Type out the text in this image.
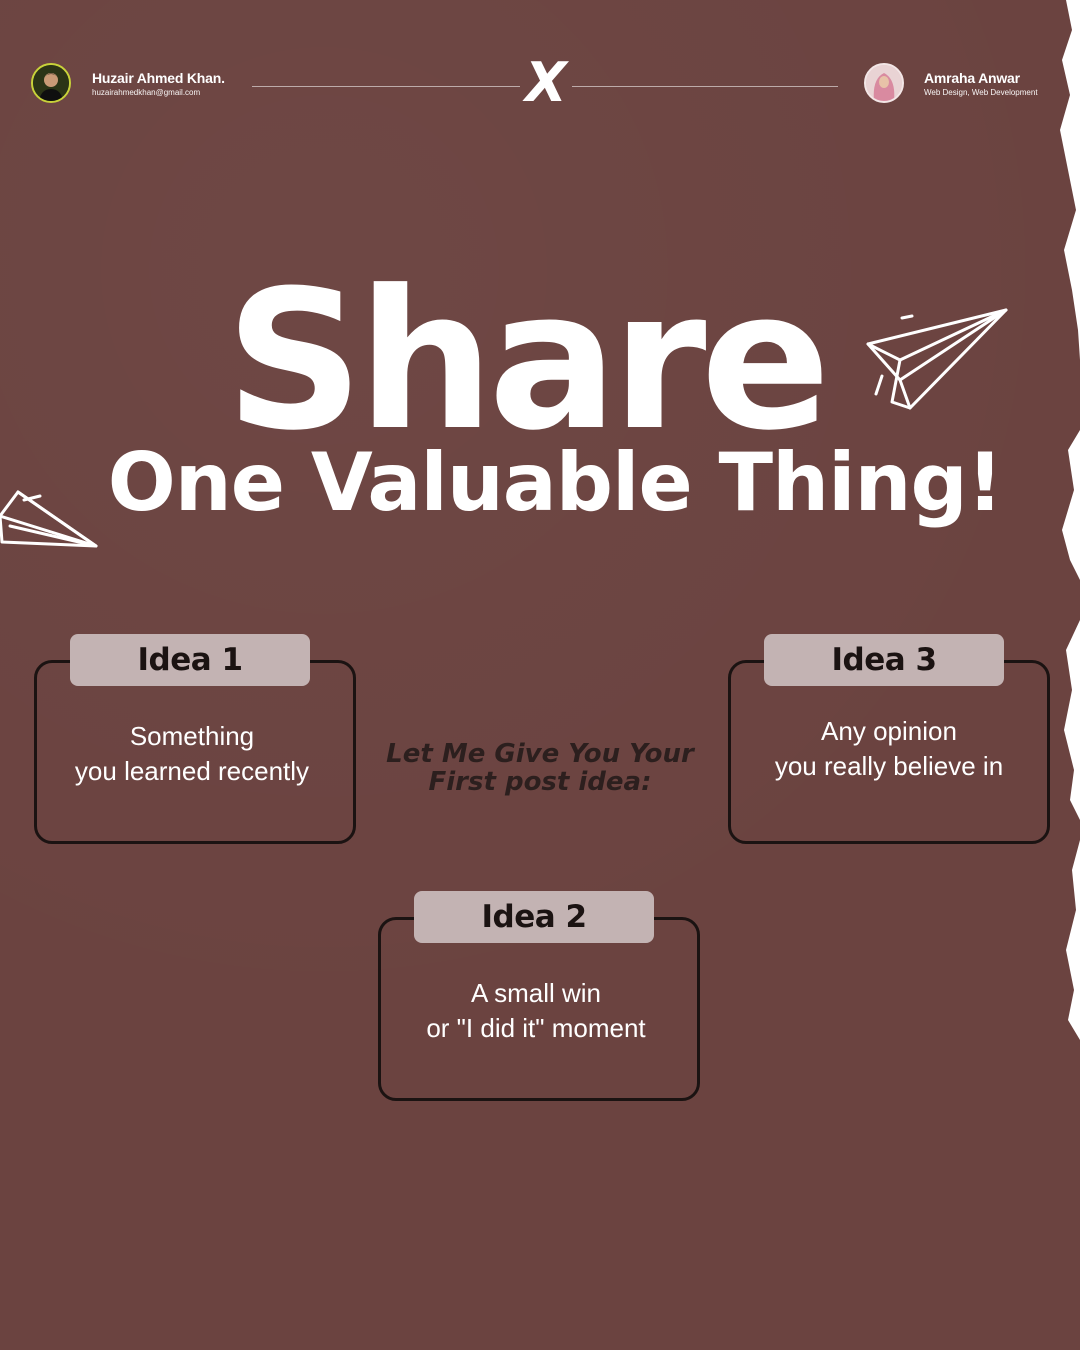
Huzair Ahmed Khan.
huzairahmedkhan@gmail.com	X	Amraha Anwar
Web Design, Web Development
Share
One Valuable Thing!
Idea 1
Something
you learned recently
Let Me Give You Your
First post idea:
Idea 3
Any opinion
you really believe in
Idea 2
A small win
or "I did it" moment
